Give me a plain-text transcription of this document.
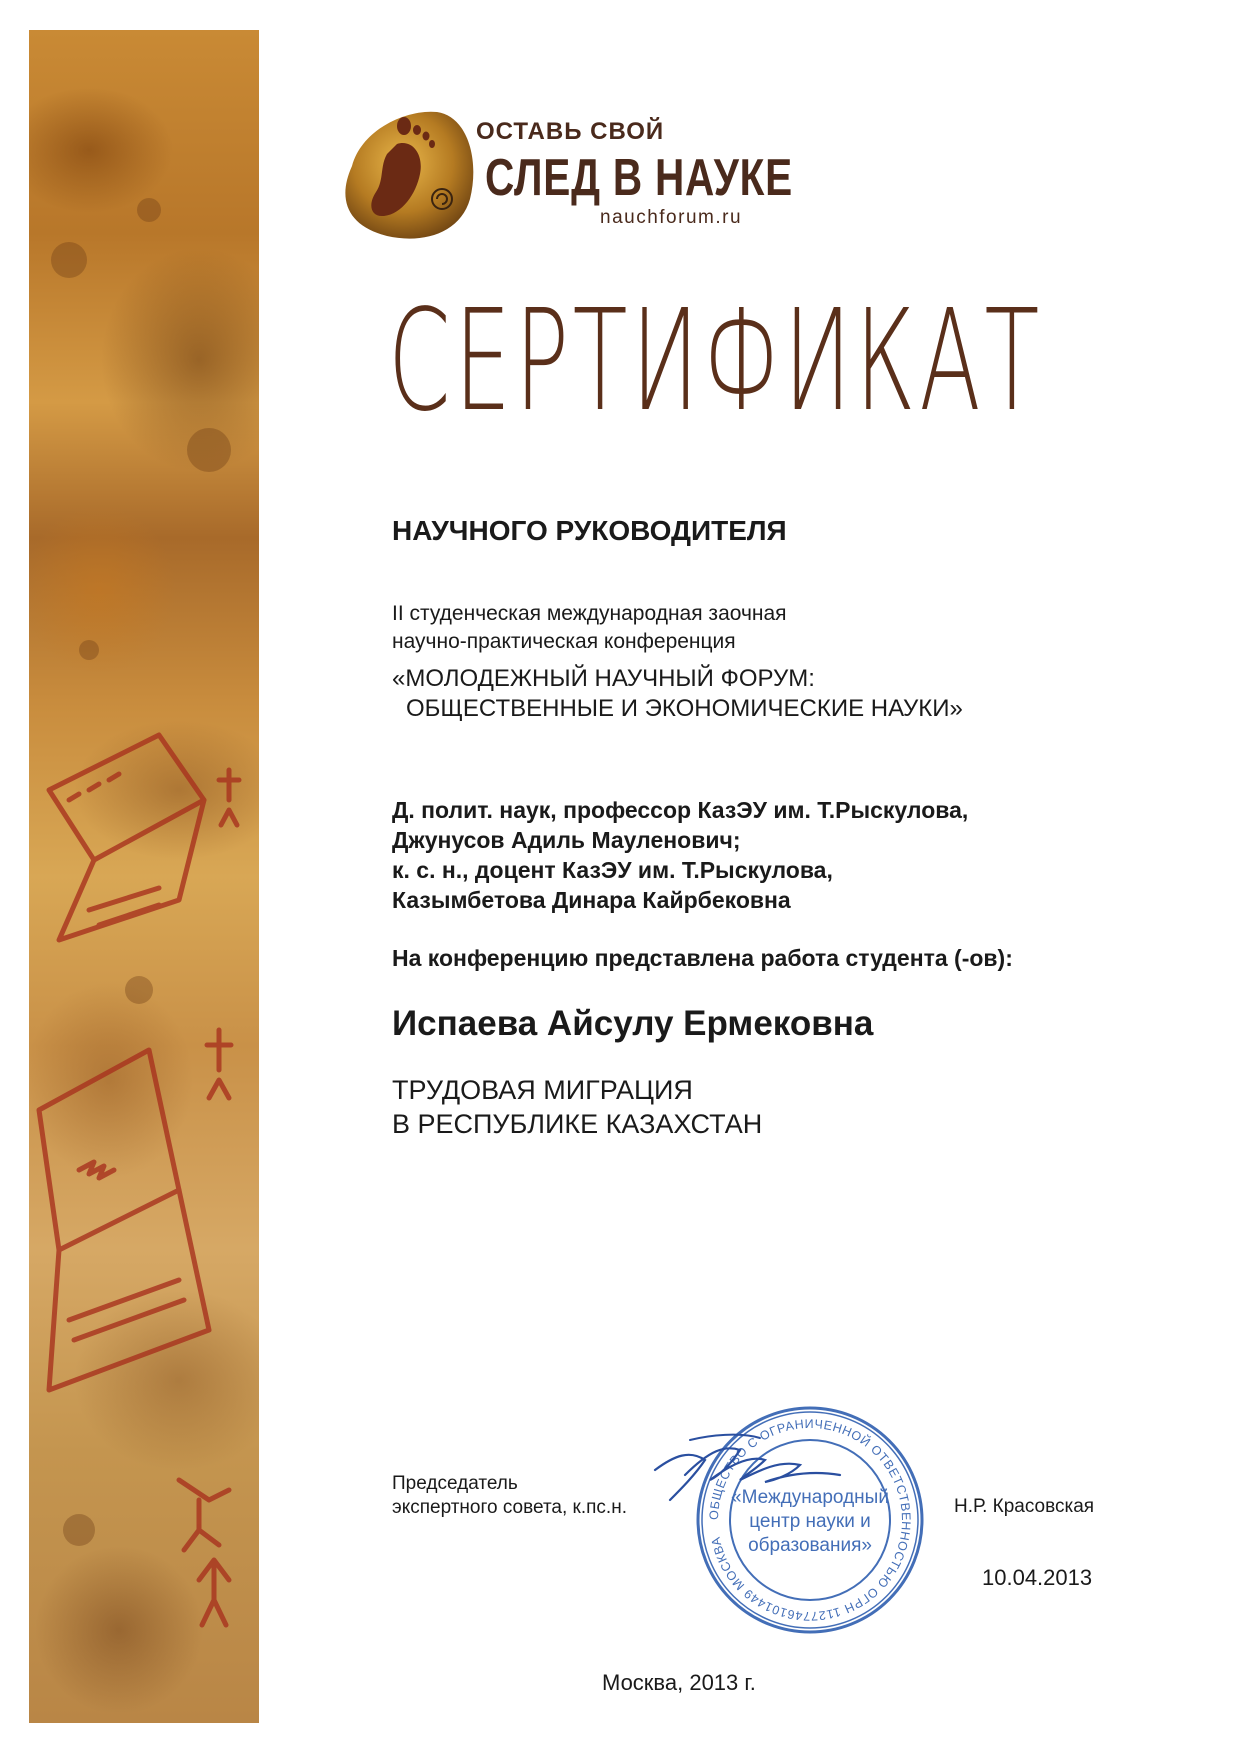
ОСТАВЬ СВОЙ
СЛЕД В НАУКЕ
nauchforum.ru
СЕРТИФИКАТ
НАУЧНОГО РУКОВОДИТЕЛЯ
II студенческая международная заочная
научно-практическая конференция
«МОЛОДЕЖНЫЙ НАУЧНЫЙ ФОРУМ:
ОБЩЕСТВЕННЫЕ И ЭКОНОМИЧЕСКИЕ НАУКИ»
Д. полит. наук, профессор КазЭУ им. Т.Рыскулова,
Джунусов Адиль Мауленович;
к. с. н., доцент КазЭУ им. Т.Рыскулова,
Казымбетова Динара Кайрбековна
На конференцию представлена работа студента (-ов):
Испаева Айсулу Ермековна
ТРУДОВАЯ МИГРАЦИЯ
В РЕСПУБЛИКЕ КАЗАХСТАН
Председатель
экспертного совета, к.пс.н.	ОБЩЕСТВО С ОГРАНИЧЕННОЙ ОТВЕТСТВЕННОСТЬЮ ОГРН 1127746101449 МОСКВА
«Международный
центр науки и
образования»
Н.Р. Красовская
10.04.2013
Москва, 2013 г.
